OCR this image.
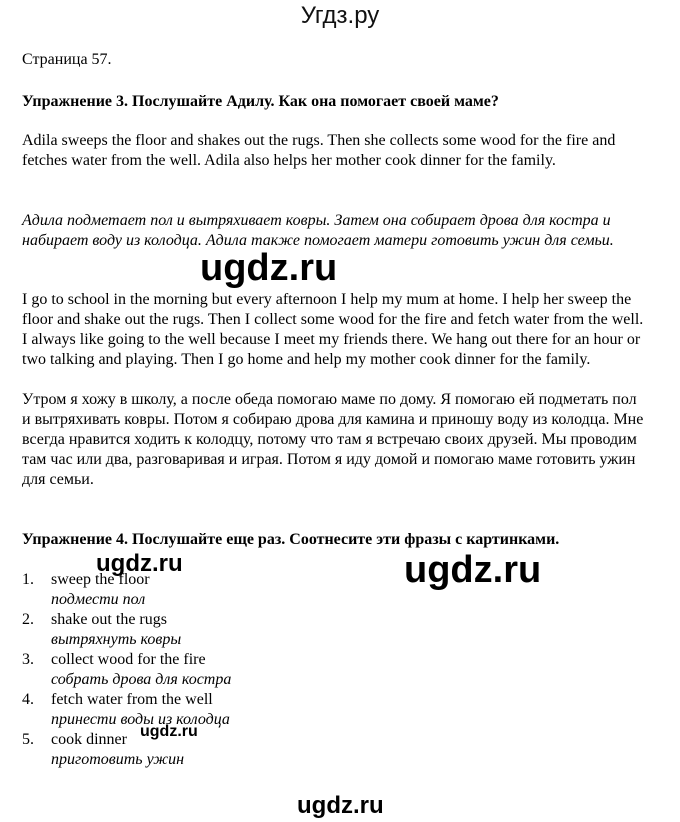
Угдз.ру
Страница 57.
Упражнение 3. Послушайте Адилу. Как она помогает своей маме?
Adila sweeps the floor and shakes out the rugs. Then she collects some wood for the fire and fetches water from the well. Adila also helps her mother cook dinner for the family.
Адила подметает пол и вытряхивает ковры. Затем она собирает дрова для костра и набирает воду из колодца. Адила также помогает матери готовить ужин для семьи.
I go to school in the morning but every afternoon I help my mum at home. I help her sweep the floor and shake out the rugs. Then I collect some wood for the fire and fetch water from the well. I always like going to the well because I meet my friends there. We hang out there for an hour or two talking and playing. Then I go home and help my mother cook dinner for the family.
Утром я хожу в школу, а после обеда помогаю маме по дому. Я помогаю ей подметать пол и вытряхивать ковры. Потом я собираю дрова для камина и приношу воду из колодца. Мне всегда нравится ходить к колодцу, потому что там я встречаю своих друзей. Мы проводим там час или два, разговаривая и играя. Потом я иду домой и помогаю маме готовить ужин для семьи.
Упражнение 4. Послушайте еще раз. Соотнесите эти фразы с картинками.
1. sweep the floor
подмести пол
2. shake out the rugs
вытряхнуть ковры
3. collect wood for the fire
собрать дрова для костра
4. fetch water from the well
принести воды из колодца
5. cook dinner
приготовить ужин
ugdz.ru
ugdz.ru
ugdz.ru
ugdz.ru
ugdz.ru
